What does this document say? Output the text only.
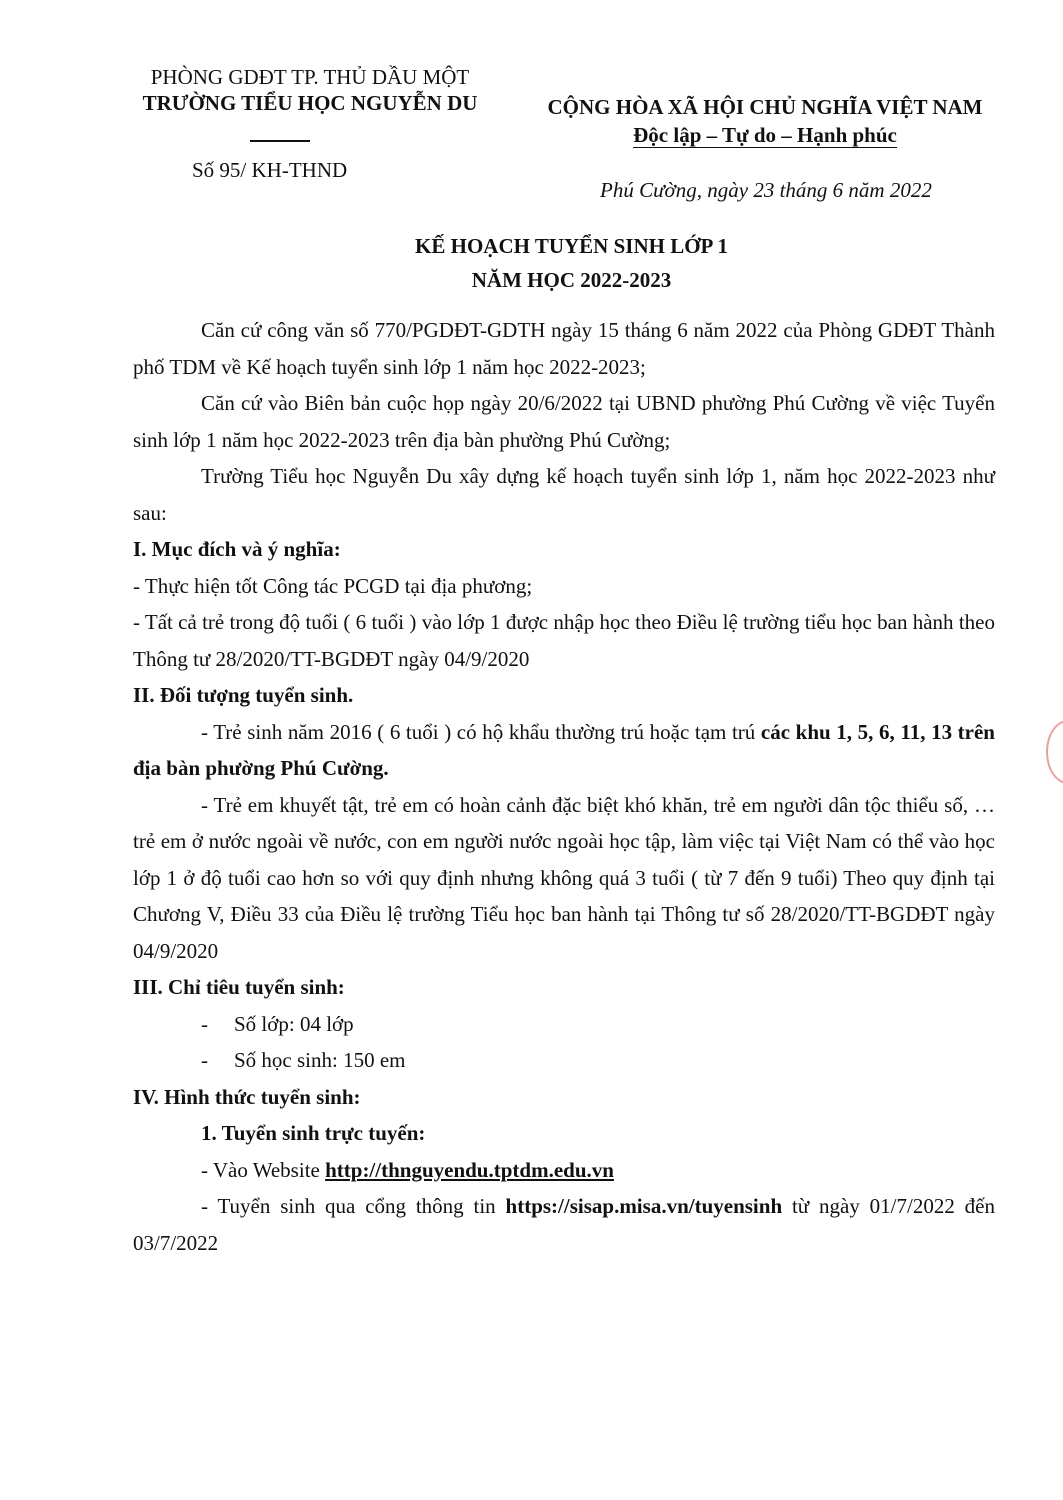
PHÒNG GDĐT TP. THỦ DẦU MỘT
TRƯỜNG TIỂU HỌC NGUYỄN DU
Số 95/ KH-THND
CỘNG HÒA XÃ HỘI CHỦ NGHĨA VIỆT NAM
Độc lập – Tự do – Hạnh phúc
Phú Cường, ngày 23 tháng 6 năm 2022
KẾ HOẠCH TUYỂN SINH LỚP 1
NĂM HỌC 2022-2023

Căn cứ công văn số 770/PGDĐT-GDTH ngày 15 tháng 6 năm 2022 của Phòng GDĐT Thành phố TDM về Kế hoạch tuyển sinh lớp 1 năm học 2022-2023;

Căn cứ vào Biên bản cuộc họp ngày 20/6/2022 tại UBND phường Phú Cường về việc Tuyển sinh lớp 1 năm học 2022-2023 trên địa bàn phường Phú Cường;

Trường Tiểu học Nguyễn Du xây dựng kế hoạch tuyển sinh lớp 1, năm học 2022-2023 như sau:

I. Mục đích và ý nghĩa:

- Thực hiện tốt Công tác PCGD tại địa phương;

- Tất cả trẻ trong độ tuổi ( 6 tuổi ) vào lớp 1 được nhập học theo Điều lệ trường tiểu học ban hành theo Thông tư 28/2020/TT-BGDĐT ngày 04/9/2020

II. Đối tượng tuyển sinh.

- Trẻ sinh năm 2016 ( 6 tuổi ) có hộ khẩu thường trú hoặc tạm trú các khu 1, 5, 6, 11, 13 trên địa bàn phường Phú Cường.

- Trẻ em khuyết tật, trẻ em có hoàn cảnh đặc biệt khó khăn, trẻ em người dân tộc thiểu số, … trẻ em ở nước ngoài về nước, con em người nước ngoài học tập, làm việc tại Việt Nam có thể vào học lớp 1 ở độ tuổi cao hơn so với quy định nhưng không quá 3 tuổi ( từ 7 đến 9 tuổi) Theo quy định tại Chương V, Điều 33 của Điều lệ trường Tiểu học ban hành tại Thông tư số 28/2020/TT-BGDĐT ngày 04/9/2020

III. Chỉ tiêu tuyển sinh:

-	Số lớp: 04 lớp
-	Số học sinh: 150 em

IV. Hình thức tuyển sinh:

1. Tuyển sinh trực tuyến:

- Vào Website http://thnguyendu.tptdm.edu.vn

- Tuyển sinh qua cổng thông tin https://sisap.misa.vn/tuyensinh từ ngày 01/7/2022 đến 03/7/2022
